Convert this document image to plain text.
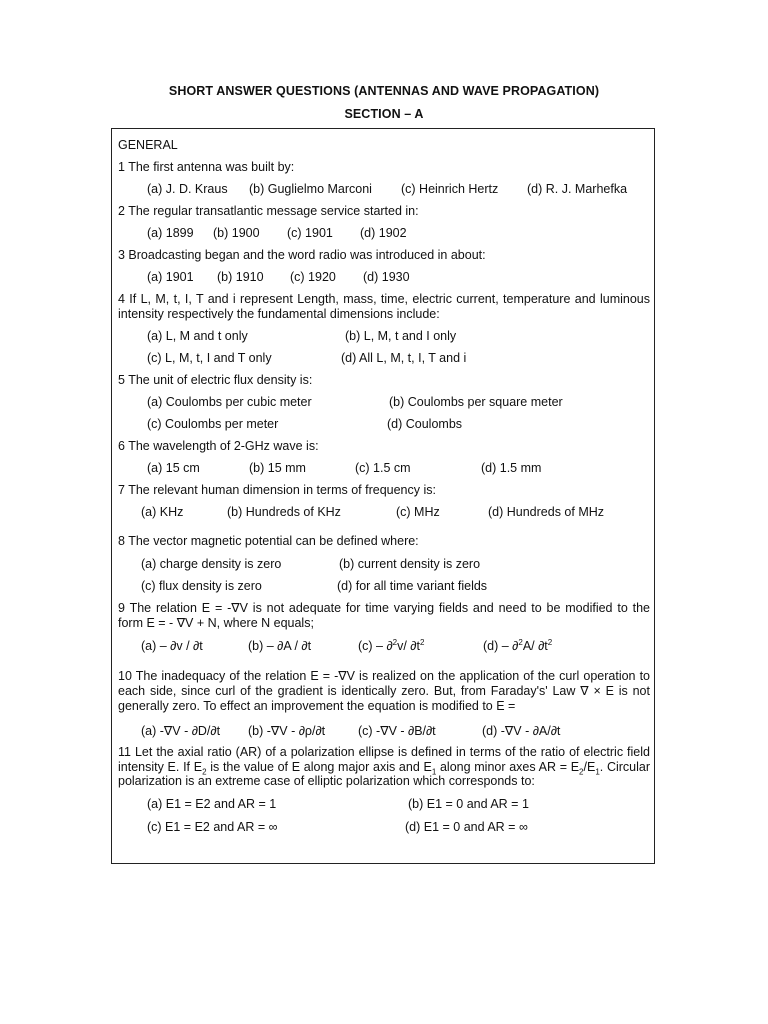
SHORT ANSWER QUESTIONS (ANTENNAS AND WAVE PROPAGATION)
SECTION – A
GENERAL
1 The first antenna was built by:
(a) J. D. Kraus (b) Guglielmo Marconi (c) Heinrich Hertz (d) R. J. Marhefka
2 The regular transatlantic message service started in:
(a) 1899 (b) 1900 (c) 1901 (d) 1902
3 Broadcasting began and the word radio was introduced in about:
(a) 1901 (b) 1910 (c) 1920 (d) 1930
4 If L, M, t, I, T and i represent Length, mass, time, electric current, temperature and luminous intensity respectively the fundamental dimensions include:
(a) L, M and t only	(b) L, M, t and I only
(c) L, M, t, I and T only	(d) All L, M, t, I, T and i
5 The unit of electric flux density is:
(a) Coulombs per cubic meter	(b) Coulombs per square meter
(c) Coulombs per meter	(d) Coulombs
6 The wavelength of 2-GHz wave is:
(a) 15 cm	(b) 15 mm	(c) 1.5 cm	(d) 1.5 mm
7 The relevant human dimension in terms of frequency is:
(a) KHz	(b) Hundreds of KHz	(c) MHz	(d) Hundreds of MHz
8 The vector magnetic potential can be defined where:
(a) charge density is zero	(b) current density is zero
(c) flux density is zero	(d) for all time variant fields
9 The relation E = -∇V is not adequate for time varying fields and need to be modified to the form E = - ∇V + N, where N equals;
(a) – ∂v / ∂t	(b) – ∂A / ∂t	(c) – ∂$^2$v/ $\partial t^2$	(d) – ∂$^2$A/ $\partial t^2$
10 The inadequacy of the relation E = -∇V is realized on the application of the curl operation to each side, since curl of the gradient is identically zero. But, from Faraday's' Law ∇ × E is not generally zero. To effect an improvement the equation is modified to E =
(a) -∇V - ∂D/∂t (b) -∇V - ∂ρ/∂t	(c) -∇V - ∂B/∂t	(d) -∇V - ∂A/∂t
11 Let the axial ratio (AR) of a polarization ellipse is defined in terms of the ratio of electric field intensity E. If $E_2$ is the value of E along major axis and $E_1$ along minor axes AR = $E_2/E_1$. Circular polarization is an extreme case of elliptic polarization which corresponds to:
(a) E1 = E2 and AR = 1	(b) E1 = 0 and AR = 1
(c) E1 = E2 and AR = ∞	(d) E1 = 0 and AR = ∞
